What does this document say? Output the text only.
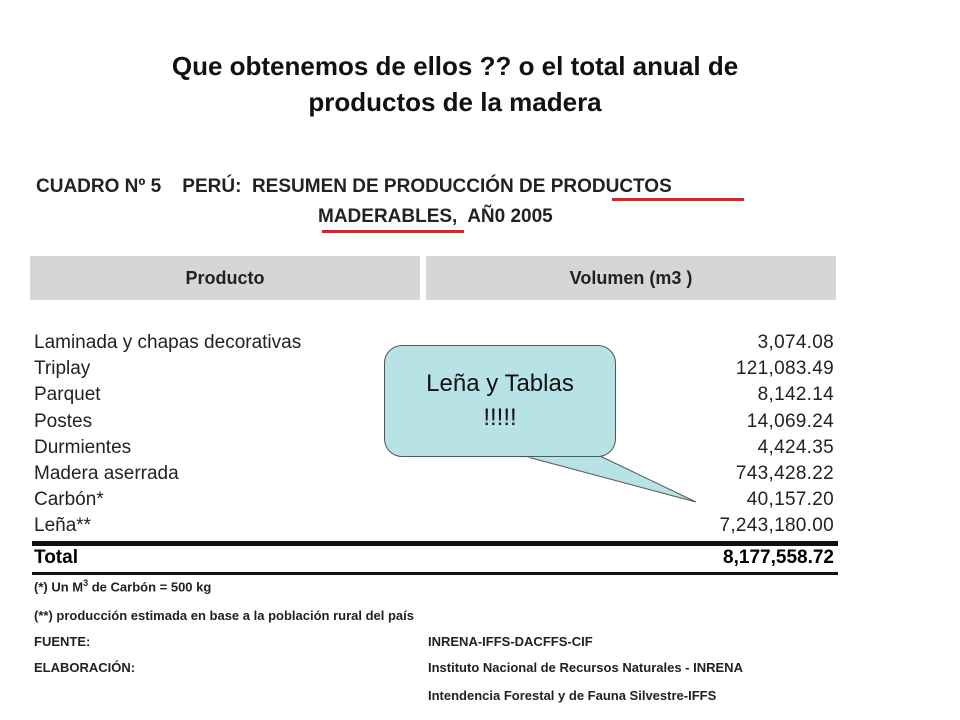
Que obtenemos de ellos ?? o el total anual de
productos de la madera
CUADRO Nº 5    PERÚ:  RESUMEN DE PRODUCCIÓN DE PRODUCTOS
MADERABLES,  AÑ0 2005
Producto	Volumen (m3 )
Laminada y chapas decorativas	3,074.08
Triplay	121,083.49
Parquet	8,142.14
Postes	14,069.24
Durmientes	4,424.35
Madera aserrada	743,428.22
Carbón*	40,157.20
Leña**	7,243,180.00
Total	8,177,558.72
(*) Un $M^3$ de Carbón = 500 kg
(**) producción estimada en base a la población rural del país
FUENTE:	INRENA-IFFS-DACFFS-CIF
ELABORACIÓN:	Instituto Nacional de Recursos Naturales - INRENA
Intendencia Forestal y de Fauna Silvestre-IFFS
Leña y Tablas
!!!!!
